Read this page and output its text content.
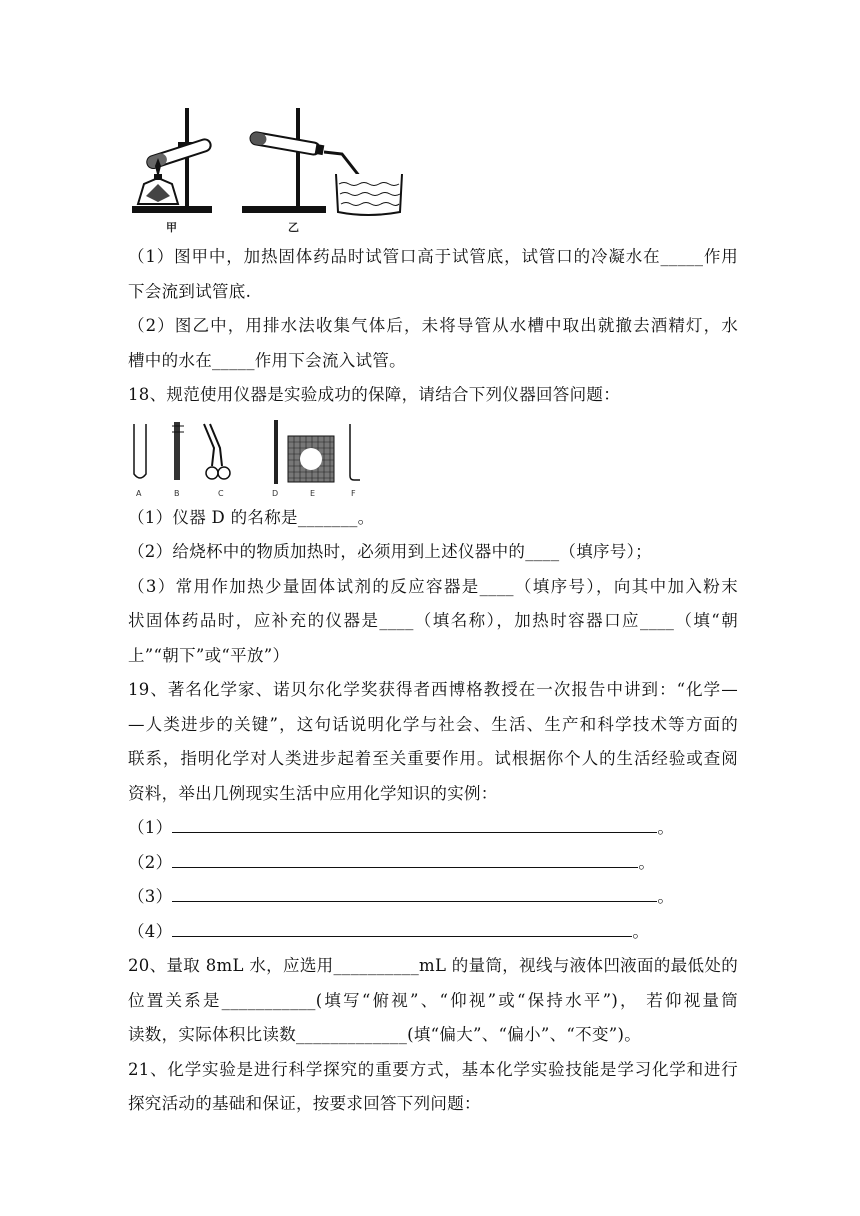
甲	乙
（1）图甲中，加热固体药品时试管口高于试管底，试管口的冷凝水在_____作用
下会流到试管底.
（2）图乙中，用排水法收集气体后，未将导管从水槽中取出就撤去酒精灯，水
槽中的水在_____作用下会流入试管。
18、规范使用仪器是实验成功的保障，请结合下列仪器回答问题：
A	B	C	D	E	F
（1）仪器 D 的名称是_______。
（2）给烧杯中的物质加热时，必须用到上述仪器中的____（填序号）；
（3）常用作加热少量固体试剂的反应容器是____（填序号），向其中加入粉末
状固体药品时，应补充的仪器是____（填名称），加热时容器口应____（填“朝
上”“朝下”或“平放”）
19、著名化学家、诺贝尔化学奖获得者西博格教授在一次报告中讲到：“化学—
—人类进步的关键”，这句话说明化学与社会、生活、生产和科学技术等方面的
联系，指明化学对人类进步起着至关重要作用。试根据你个人的生活经验或查阅
资料，举出几例现实生活中应用化学知识的实例：
（1）	。
（2）	。
（3）	。
（4）	。
20、量取 8mL 水，应选用__________mL 的量筒，视线与液体凹液面的最低处的
位置关系是___________(填写“俯视”、“仰视”或“保持水平”)， 若仰视量筒
读数，实际体积比读数_____________(填“偏大”、“偏小”、“不变”)。
21、化学实验是进行科学探究的重要方式，基本化学实验技能是学习化学和进行
探究活动的基础和保证，按要求回答下列问题：
